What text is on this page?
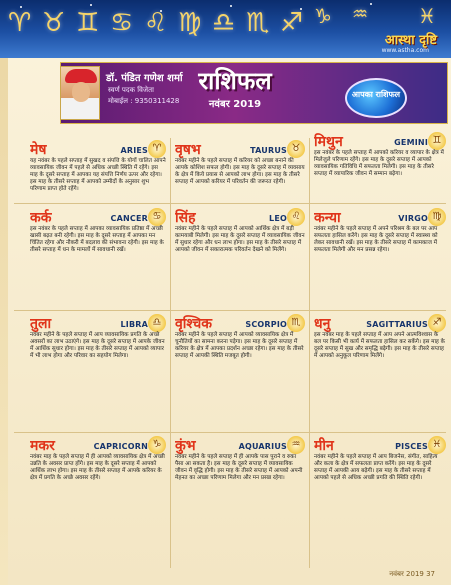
♈ ♉ ♊ ♋ ♌ ♍ ♎ ♏ ♐ ♑ ♒ ♓
आस्था दृष्टि
www.astha.com
डॉ. पंडित गणेश शर्मा
स्वर्ण पदक विजेता
मोबाईल : 9350311428
राशिफल
नवंबर 2019
आपका राशिफल
मेष	ARIES ♈
यह नवंबर के पहले सप्ताह में सुखद व संपत्ति के योगों चालित आपने व्यावसायिक जीवन में पहले से अधिक अच्छी स्थिति में रहेंगे। इस माह के दूसरे सप्ताह में आपका यह संपत्ति निर्णय ऊपर और रहेगा। इस माह के तीसरे सप्ताह में आपको उम्मीदों के अनुसार शुभ परिणाम प्राप्त होते रहेंगे।
वृषभ	TAURUS ♉
नवंबर महीने के पहले सप्ताह में करियर को अच्छा बनाने की आपके कोशिश सफल होगी। इस माह के दूसरे सप्ताह में व्यवसाय के क्षेत्र में किये प्रयास से आपको लाभ होगा। इस माह के तीसरे सप्ताह में आपको करियर में परिवर्तन की जरूरत रहेगी।
मिथुन	GEMINI ♊
इस नवंबर के पहले सप्ताह में आपको करियर व व्यापार के क्षेत्र में मिलेजुले परिणाम रहेंगे। इस माह के दूसरे सप्ताह में आपको व्यावसायिक गतिविधि में सफलता मिलेगी। इस माह के तीसरे सप्ताह में व्यापारिक जीवन में सम्मान बढ़ेगा।
कर्क	CANCER ♋
इस नवंबर के पहले सप्ताह में आपका व्यावसायिक प्रतिष्ठा में अच्छी खासी बढ़त बनी रहेगी। इस माह के दूसरे सप्ताह में आपका मन चिंतित रहेगा और नौकरी में बदलाव की संभावना रहेगी। इस माह के तीसरे सप्ताह में धन के मामलों में सावधानी रखें।
सिंह	LEO ♌
नवंबर महीने के पहले सप्ताह में आपको आर्थिक क्षेत्र में बड़ी कामयाबी मिलेगी। इस माह के दूसरे सप्ताह में व्यावसायिक जीवन में सुधार रहेगा और धन लाभ होगा। इस माह के तीसरे सप्ताह में आपको जीवन में सकारात्मक परिवर्तन देखने को मिलेंगे।
कन्या	VIRGO ♍
नवंबर महीने के पहले सप्ताह में अपने परिश्रम के बल पर आप सफलता हासिल करेंगे। इस माह के दूसरे सप्ताह में स्वास्थ्य को लेकर सावधानी रखें। इस माह के तीसरे सप्ताह में कामकाज में सफलता मिलेगी और मन प्रसन्न रहेगा।
तुला	LIBRA ♎
नवंबर महीने के पहले सप्ताह में आप व्यावसायिक प्रगति के अच्छे अवसरों का लाभ उठाएंगे। इस माह के दूसरे सप्ताह में आपके जीवन में आर्थिक सुधार होगा। इस माह के तीसरे सप्ताह में आपको व्यापार में भी लाभ होगा और परिवार का सहयोग मिलेगा।
वृश्चिक	SCORPIO ♏
नवंबर महीने के पहले सप्ताह में आपको व्यावसायिक क्षेत्र में चुनौतियों का सामना करना पड़ेगा। इस माह के दूसरे सप्ताह में करियर के क्षेत्र में आपका प्रदर्शन अच्छा रहेगा। इस माह के तीसरे सप्ताह में आपकी स्थिति मजबूत होगी।
धनु	SAGITTARIUS ♐
इस नवंबर माह के पहले सप्ताह में आप अपने आत्मविश्वास के बल पर किसी भी कार्य में सफलता हासिल कर सकेंगे। इस माह के दूसरे सप्ताह में सुख और समृद्धि बढ़ेगी। इस माह के तीसरे सप्ताह में आपको अनुकूल परिणाम मिलेंगे।
मकर	CAPRICORN ♑
नवंबर माह के पहले सप्ताह में ही आपको व्यावसायिक क्षेत्र में अच्छी उन्नति के अवसर प्राप्त होंगे। इस माह के दूसरे सप्ताह में आपको आर्थिक लाभ होगा। इस माह के तीसरे सप्ताह में आपके करियर के क्षेत्र में प्रगति के अच्छे अवसर रहेंगे।
कुंभ	AQUARIUS ♒
नवंबर महीने के पहले सप्ताह में ही आपके पास पुराने व रुका पैसा आ सकता है। इस माह के दूसरे सप्ताह में व्यावसायिक जीवन में वृद्धि होगी। इस माह के तीसरे सप्ताह में आपको अपनी मेहनत का अच्छा परिणाम मिलेगा और मन प्रसन्न रहेगा।
मीन	PISCES ♓
नवंबर महीने के पहले सप्ताह में आप बिजनेस, संगीत, साहित्य और कला के क्षेत्र में सफलता प्राप्त करेंगे। इस माह के दूसरे सप्ताह में आपकी आय बढ़ेगी। इस माह के तीसरे सप्ताह में आपको पहले से अधिक अच्छी प्रगति की स्थिति रहेगी।
नवंबर 2019 37
